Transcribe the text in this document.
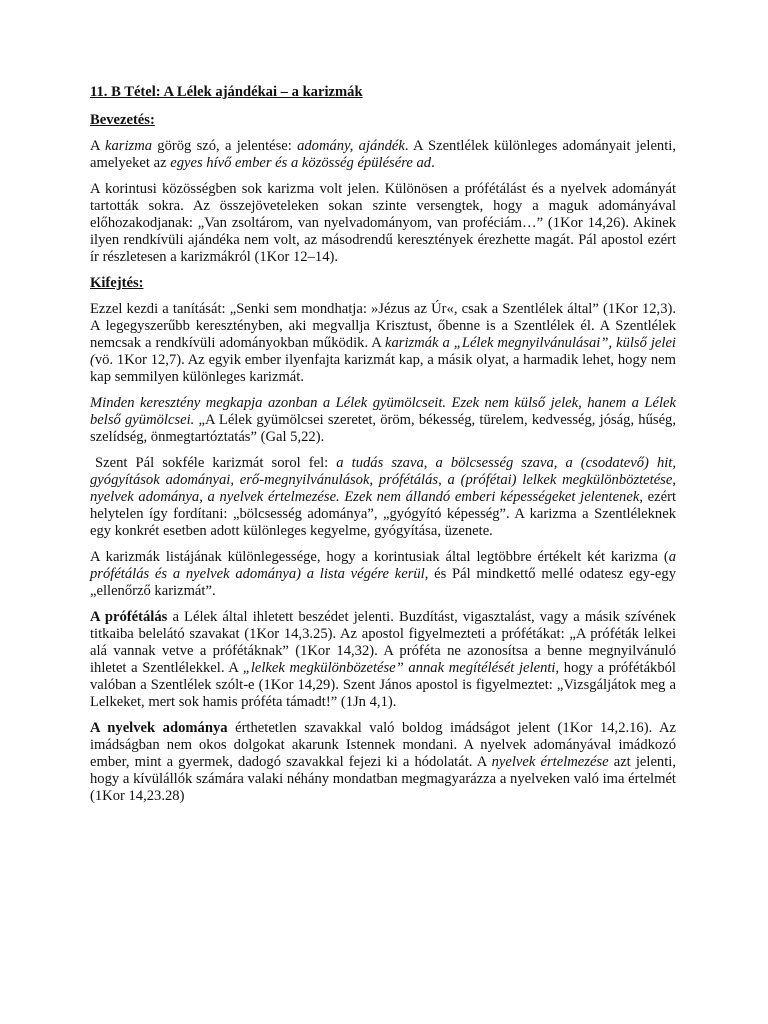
11. B Tétel: A Lélek ajándékai – a karizmák
Bevezetés:

A karizma görög szó, a jelentése: adomány, ajándék. A Szentlélek különleges adományait jelenti, amelyeket az egyes hívő ember és a közösség épülésére ad.

A korintusi közösségben sok karizma volt jelen. Különösen a prófétálást és a nyelvek adományát tartották sokra. Az összejöveteleken sokan szinte versengtek, hogy a maguk adományával előhozakodjanak: „Van zsoltárom, van nyelvadományom, van proféciám…” (1Kor 14,26). Akinek ilyen rendkívüli ajándéka nem volt, az másodrendű keresztények érezhette magát. Pál apostol ezért ír részletesen a karizmákról (1Kor 12–14).

Kifejtés:

Ezzel kezdi a tanítását: „Senki sem mondhatja: »Jézus az Úr«, csak a Szentlélek által” (1Kor 12,3). A legegyszerűbb keresztényben, aki megvallja Krisztust, őbenne is a Szentlélek él. A Szentlélek nemcsak a rendkívüli adományokban működik. A karizmák a „Lélek megnyilvánulásai”, külső jelei (vö. 1Kor 12,7). Az egyik ember ilyenfajta karizmát kap, a másik olyat, a harmadik lehet, hogy nem kap semmilyen különleges karizmát.

Minden keresztény megkapja azonban a Lélek gyümölcseit. Ezek nem külső jelek, hanem a Lélek belső gyümölcsei. „A Lélek gyümölcsei szeretet, öröm, békesség, türelem, kedvesség, jóság, hűség, szelídség, önmegtartóztatás” (Gal 5,22).

Szent Pál sokféle karizmát sorol fel: a tudás szava, a bölcsesség szava, a (csodatevő) hit, gyógyítások adományai, erő-megnyilvánulások, prófétálás, a (prófétai) lelkek megkülönböztetése, nyelvek adománya, a nyelvek értelmezése. Ezek nem állandó emberi képességeket jelentenek, ezért helytelen így fordítani: „bölcsesség adománya”, „gyógyító képesség”. A karizma a Szentléleknek egy konkrét esetben adott különleges kegyelme, gyógyítása, üzenete.

A karizmák listájának különlegessége, hogy a korintusiak által legtöbbre értékelt két karizma (a prófétálás és a nyelvek adománya) a lista végére kerül, és Pál mindkettő mellé odatesz egy-egy „ellenőrző karizmát”.

A prófétálás a Lélek által ihletett beszédet jelenti. Buzdítást, vigasztalást, vagy a másik szívének titkaiba belelátó szavakat (1Kor 14,3.25). Az apostol figyelmezteti a prófétákat: „A próféták lelkei alá vannak vetve a prófétáknak” (1Kor 14,32). A próféta ne azonosítsa a benne megnyilvánuló ihletet a Szentlélekkel. A „lelkek megkülönbözetése” annak megítélését jelenti, hogy a prófétákból valóban a Szentlélek szólt-e (1Kor 14,29). Szent János apostol is figyelmeztet: „Vizsgáljátok meg a Lelkeket, mert sok hamis próféta támadt!” (1Jn 4,1).

A nyelvek adománya érthetetlen szavakkal való boldog imádságot jelent (1Kor 14,2.16). Az imádságban nem okos dolgokat akarunk Istennek mondani. A nyelvek adományával imádkozó ember, mint a gyermek, dadogó szavakkal fejezi ki a hódolatát. A nyelvek értelmezése azt jelenti, hogy a kívülállók számára valaki néhány mondatban megmagyarázza a nyelveken való ima értelmét (1Kor 14,23.28)
